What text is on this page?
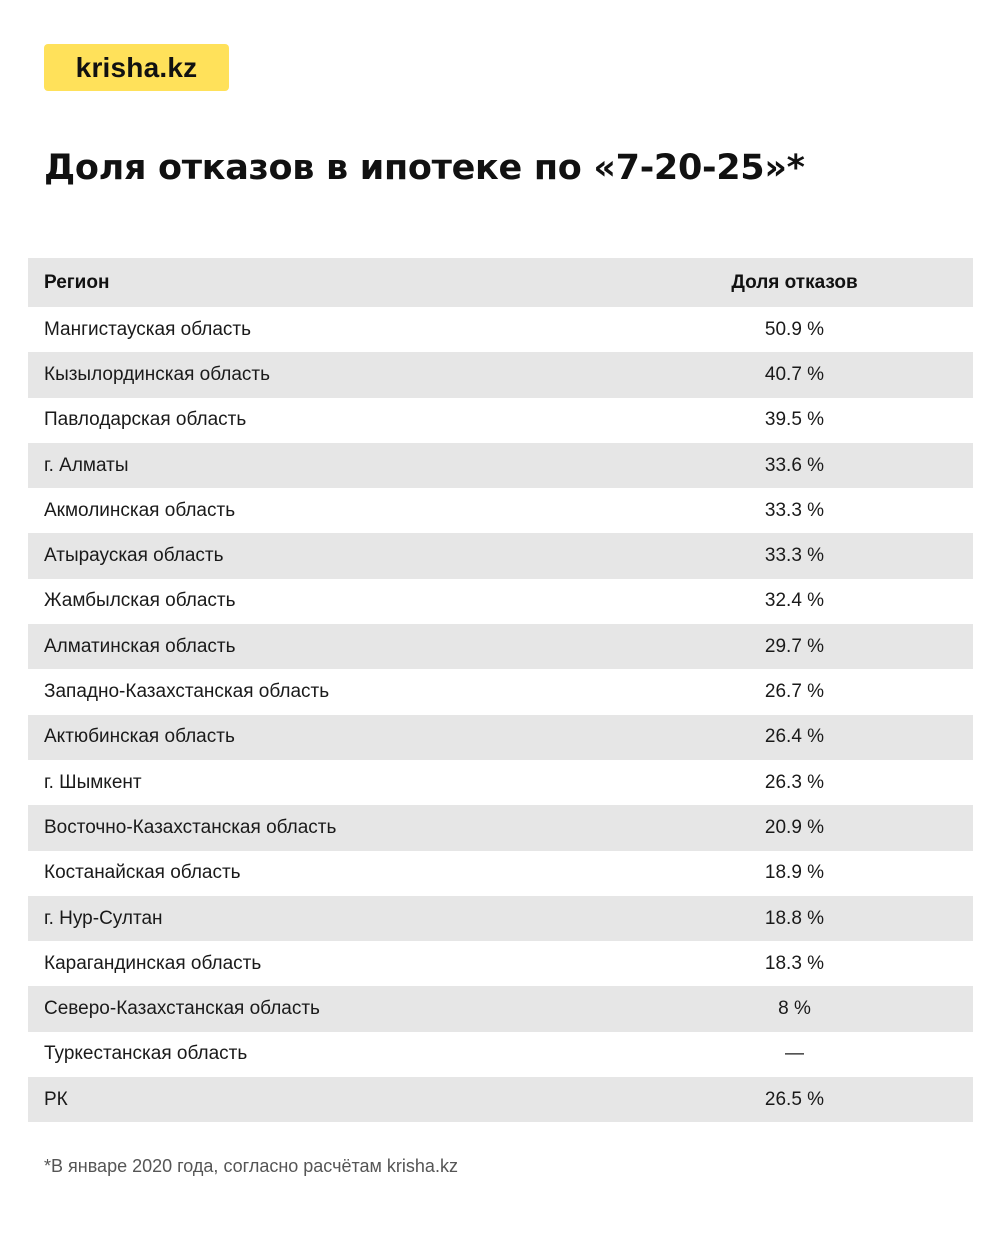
krisha.kz
Доля отказов в ипотеке по «7-20-25»*
Регион	Доля отказов
Мангистауская область	50.9 %
Кызылординская область	40.7 %
Павлодарская область	39.5 %
г. Алматы	33.6 %
Акмолинская область	33.3 %
Атырауская область	33.3 %
Жамбылская область	32.4 %
Алматинская область	29.7 %
Западно-Казахстанская область	26.7 %
Актюбинская область	26.4 %
г. Шымкент	26.3 %
Восточно-Казахстанская область	20.9 %
Костанайская область	18.9 %
г. Нур-Султан	18.8 %
Карагандинская область	18.3 %
Северо-Казахстанская область	8 %
Туркестанская область	—
РК	26.5 %
*В январе 2020 года, согласно расчётам krisha.kz
